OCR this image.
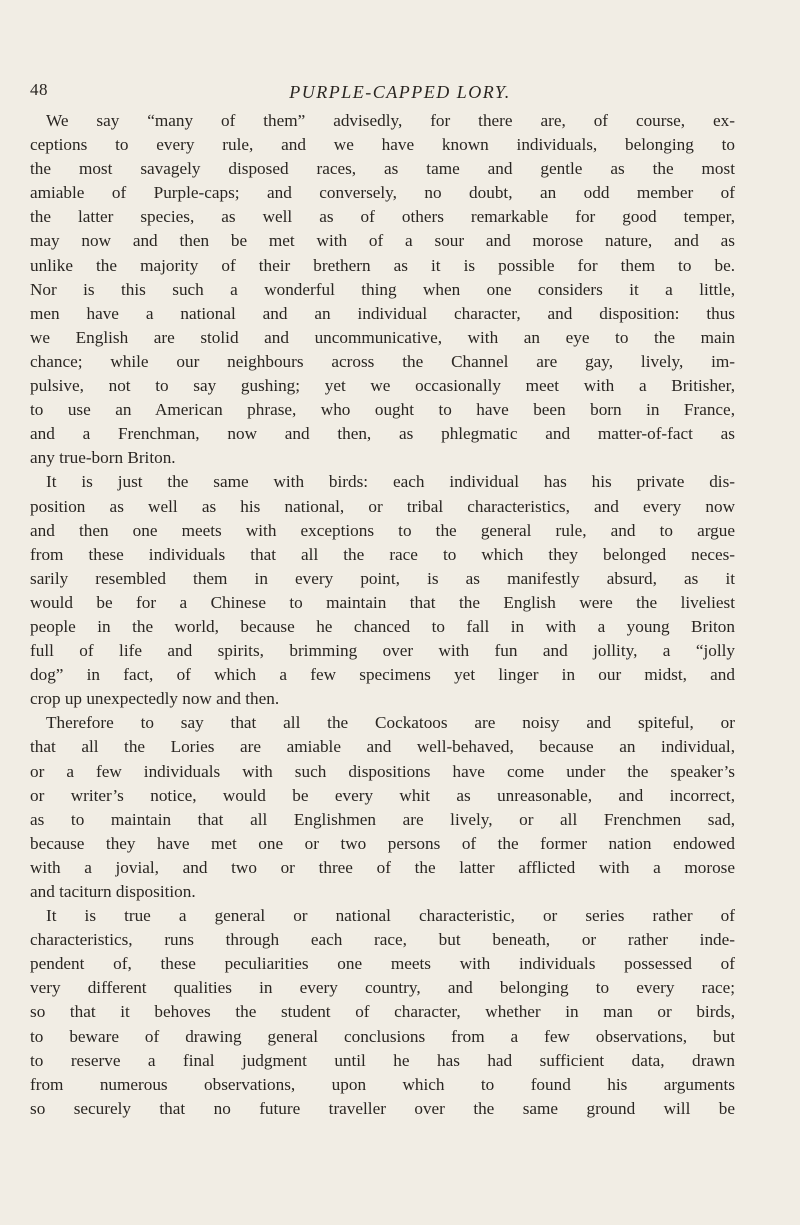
48	PURPLE-CAPPED LORY.
We say “many of them” advisedly, for there are, of course, ex-
ceptions to every rule, and we have known individuals, belonging to
the most savagely disposed races, as tame and gentle as the most
amiable of Purple-caps; and conversely, no doubt, an odd member of
the latter species, as well as of others remarkable for good temper,
may now and then be met with of a sour and morose nature, and as
unlike the majority of their brethern as it is possible for them to be.
Nor is this such a wonderful thing when one considers it a little,
men have a national and an individual character, and disposition: thus
we English are stolid and uncommunicative, with an eye to the main
chance; while our neighbours across the Channel are gay, lively, im-
pulsive, not to say gushing; yet we occasionally meet with a Britisher,
to use an American phrase, who ought to have been born in France,
and a Frenchman, now and then, as phlegmatic and matter-of-fact as
any true-born Briton.
It is just the same with birds: each individual has his private dis-
position as well as his national, or tribal characteristics, and every now
and then one meets with exceptions to the general rule, and to argue
from these individuals that all the race to which they belonged neces-
sarily resembled them in every point, is as manifestly absurd, as it
would be for a Chinese to maintain that the English were the liveliest
people in the world, because he chanced to fall in with a young Briton
full of life and spirits, brimming over with fun and jollity, a “jolly
dog” in fact, of which a few specimens yet linger in our midst, and
crop up unexpectedly now and then.
Therefore to say that all the Cockatoos are noisy and spiteful, or
that all the Lories are amiable and well-behaved, because an individual,
or a few individuals with such dispositions have come under the speaker’s
or writer’s notice, would be every whit as unreasonable, and incorrect,
as to maintain that all Englishmen are lively, or all Frenchmen sad,
because they have met one or two persons of the former nation endowed
with a jovial, and two or three of the latter afflicted with a morose
and taciturn disposition.
It is true a general or national characteristic, or series rather of
characteristics, runs through each race, but beneath, or rather inde-
pendent of, these peculiarities one meets with individuals possessed of
very different qualities in every country, and belonging to every race;
so that it behoves the student of character, whether in man or birds,
to beware of drawing general conclusions from a few observations, but
to reserve a final judgment until he has had sufficient data, drawn
from numerous observations, upon which to found his arguments
so securely that no future traveller over the same ground will be
